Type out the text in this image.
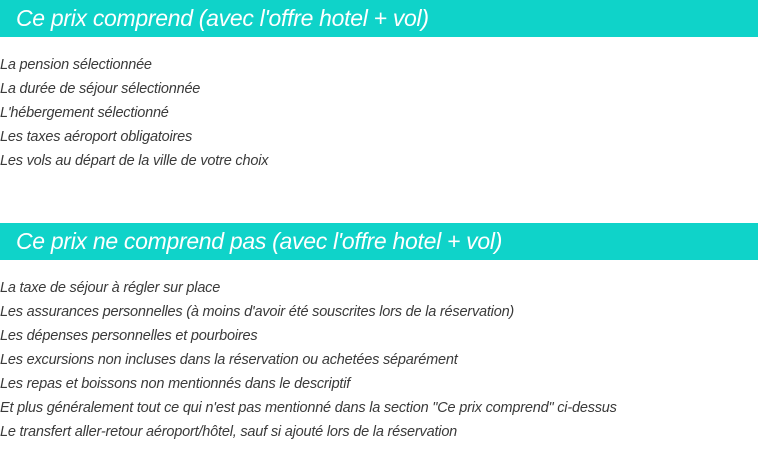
Ce prix comprend (avec l'offre hotel + vol)
La pension sélectionnée
La durée de séjour sélectionnée
L'hébergement sélectionné
Les taxes aéroport obligatoires
Les vols au départ de la ville de votre choix
Ce prix ne comprend pas (avec l'offre hotel + vol)
La taxe de séjour à régler sur place
Les assurances personnelles (à moins d'avoir été souscrites lors de la réservation)
Les dépenses personnelles et pourboires
Les excursions non incluses dans la réservation ou achetées séparément
Les repas et boissons non mentionnés dans le descriptif
Et plus généralement tout ce qui n'est pas mentionné dans la section "Ce prix comprend" ci-dessus
Le transfert aller-retour aéroport/hôtel, sauf si ajouté lors de la réservation
